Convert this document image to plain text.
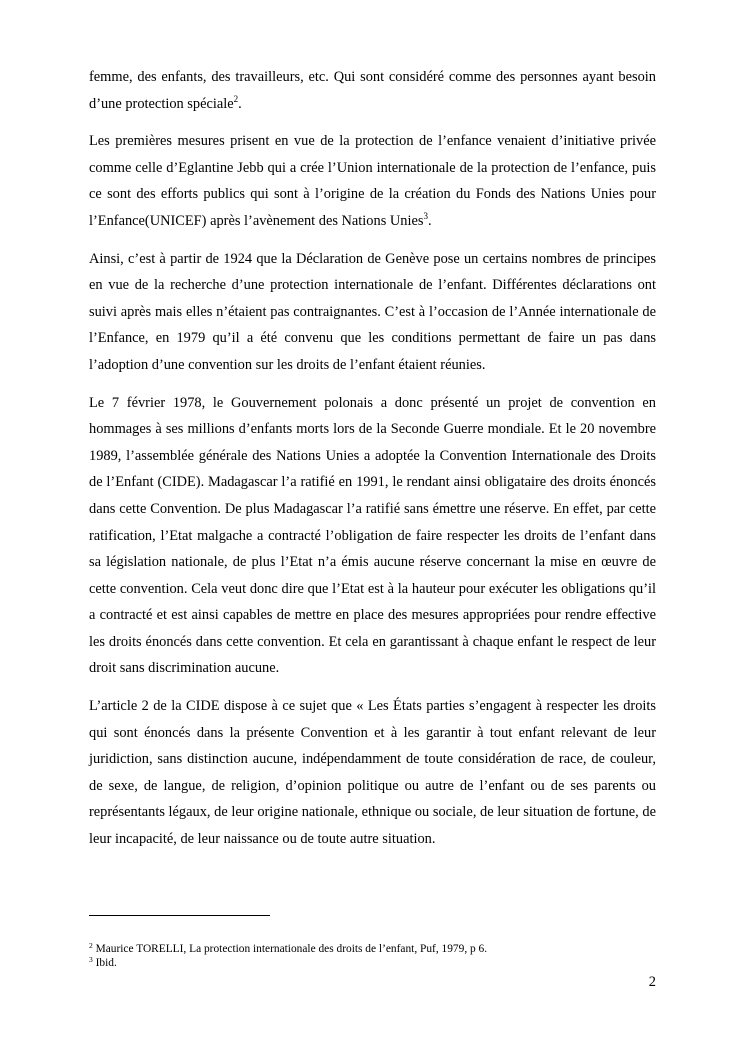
femme, des enfants, des travailleurs, etc. Qui sont considéré comme des personnes ayant besoin d’une protection spéciale$^2$.

Les premières mesures prisent en vue de la protection de l’enfance venaient d’initiative privée comme celle d’Eglantine Jebb qui a crée l’Union internationale de la protection de l’enfance, puis ce sont des efforts publics qui sont à l’origine de la création du Fonds des Nations Unies pour l’Enfance(UNICEF) après l’avènement des Nations Unies$^3$.

Ainsi, c’est à partir de 1924 que la Déclaration de Genève pose un certains nombres de principes en vue de la recherche d’une protection internationale de l’enfant. Différentes déclarations ont suivi après mais elles n’étaient pas contraignantes. C’est à l’occasion de l’Année internationale de l’Enfance, en 1979 qu’il a été convenu que les conditions permettant de faire un pas dans l’adoption d’une convention sur les droits de l’enfant étaient réunies.

Le 7 février 1978, le Gouvernement polonais a donc présenté un projet de convention en hommages à ses millions d’enfants morts lors de la Seconde Guerre mondiale. Et le 20 novembre 1989, l’assemblée générale des Nations Unies a adoptée la Convention Internationale des Droits de l’Enfant (CIDE). Madagascar l’a ratifié en 1991, le rendant ainsi obligataire des droits énoncés dans cette Convention. De plus Madagascar l’a ratifié sans émettre une réserve. En effet, par cette ratification, l’Etat malgache a contracté l’obligation de faire respecter les droits de l’enfant dans sa législation nationale, de plus l’Etat n’a émis aucune réserve concernant la mise en œuvre de cette convention. Cela veut donc dire que l’Etat est à la hauteur pour exécuter les obligations qu’il a contracté et est ainsi capables de mettre en place des mesures appropriées pour rendre effective les droits énoncés dans cette convention. Et cela en garantissant à chaque enfant le respect de leur droit sans discrimination aucune.

L’article 2 de la CIDE dispose à ce sujet que « Les États parties s’engagent à respecter les droits qui sont énoncés dans la présente Convention et à les garantir à tout enfant relevant de leur juridiction, sans distinction aucune, indépendamment de toute considération de race, de couleur, de sexe, de langue, de religion, d’opinion politique ou autre de l’enfant ou de ses parents ou représentants légaux, de leur origine nationale, ethnique ou sociale, de leur situation de fortune, de leur incapacité, de leur naissance ou de toute autre situation.

$^2$ Maurice TORELLI, La protection internationale des droits de l’enfant, Puf, 1979, p 6.

$^3$ Ibid.

2
